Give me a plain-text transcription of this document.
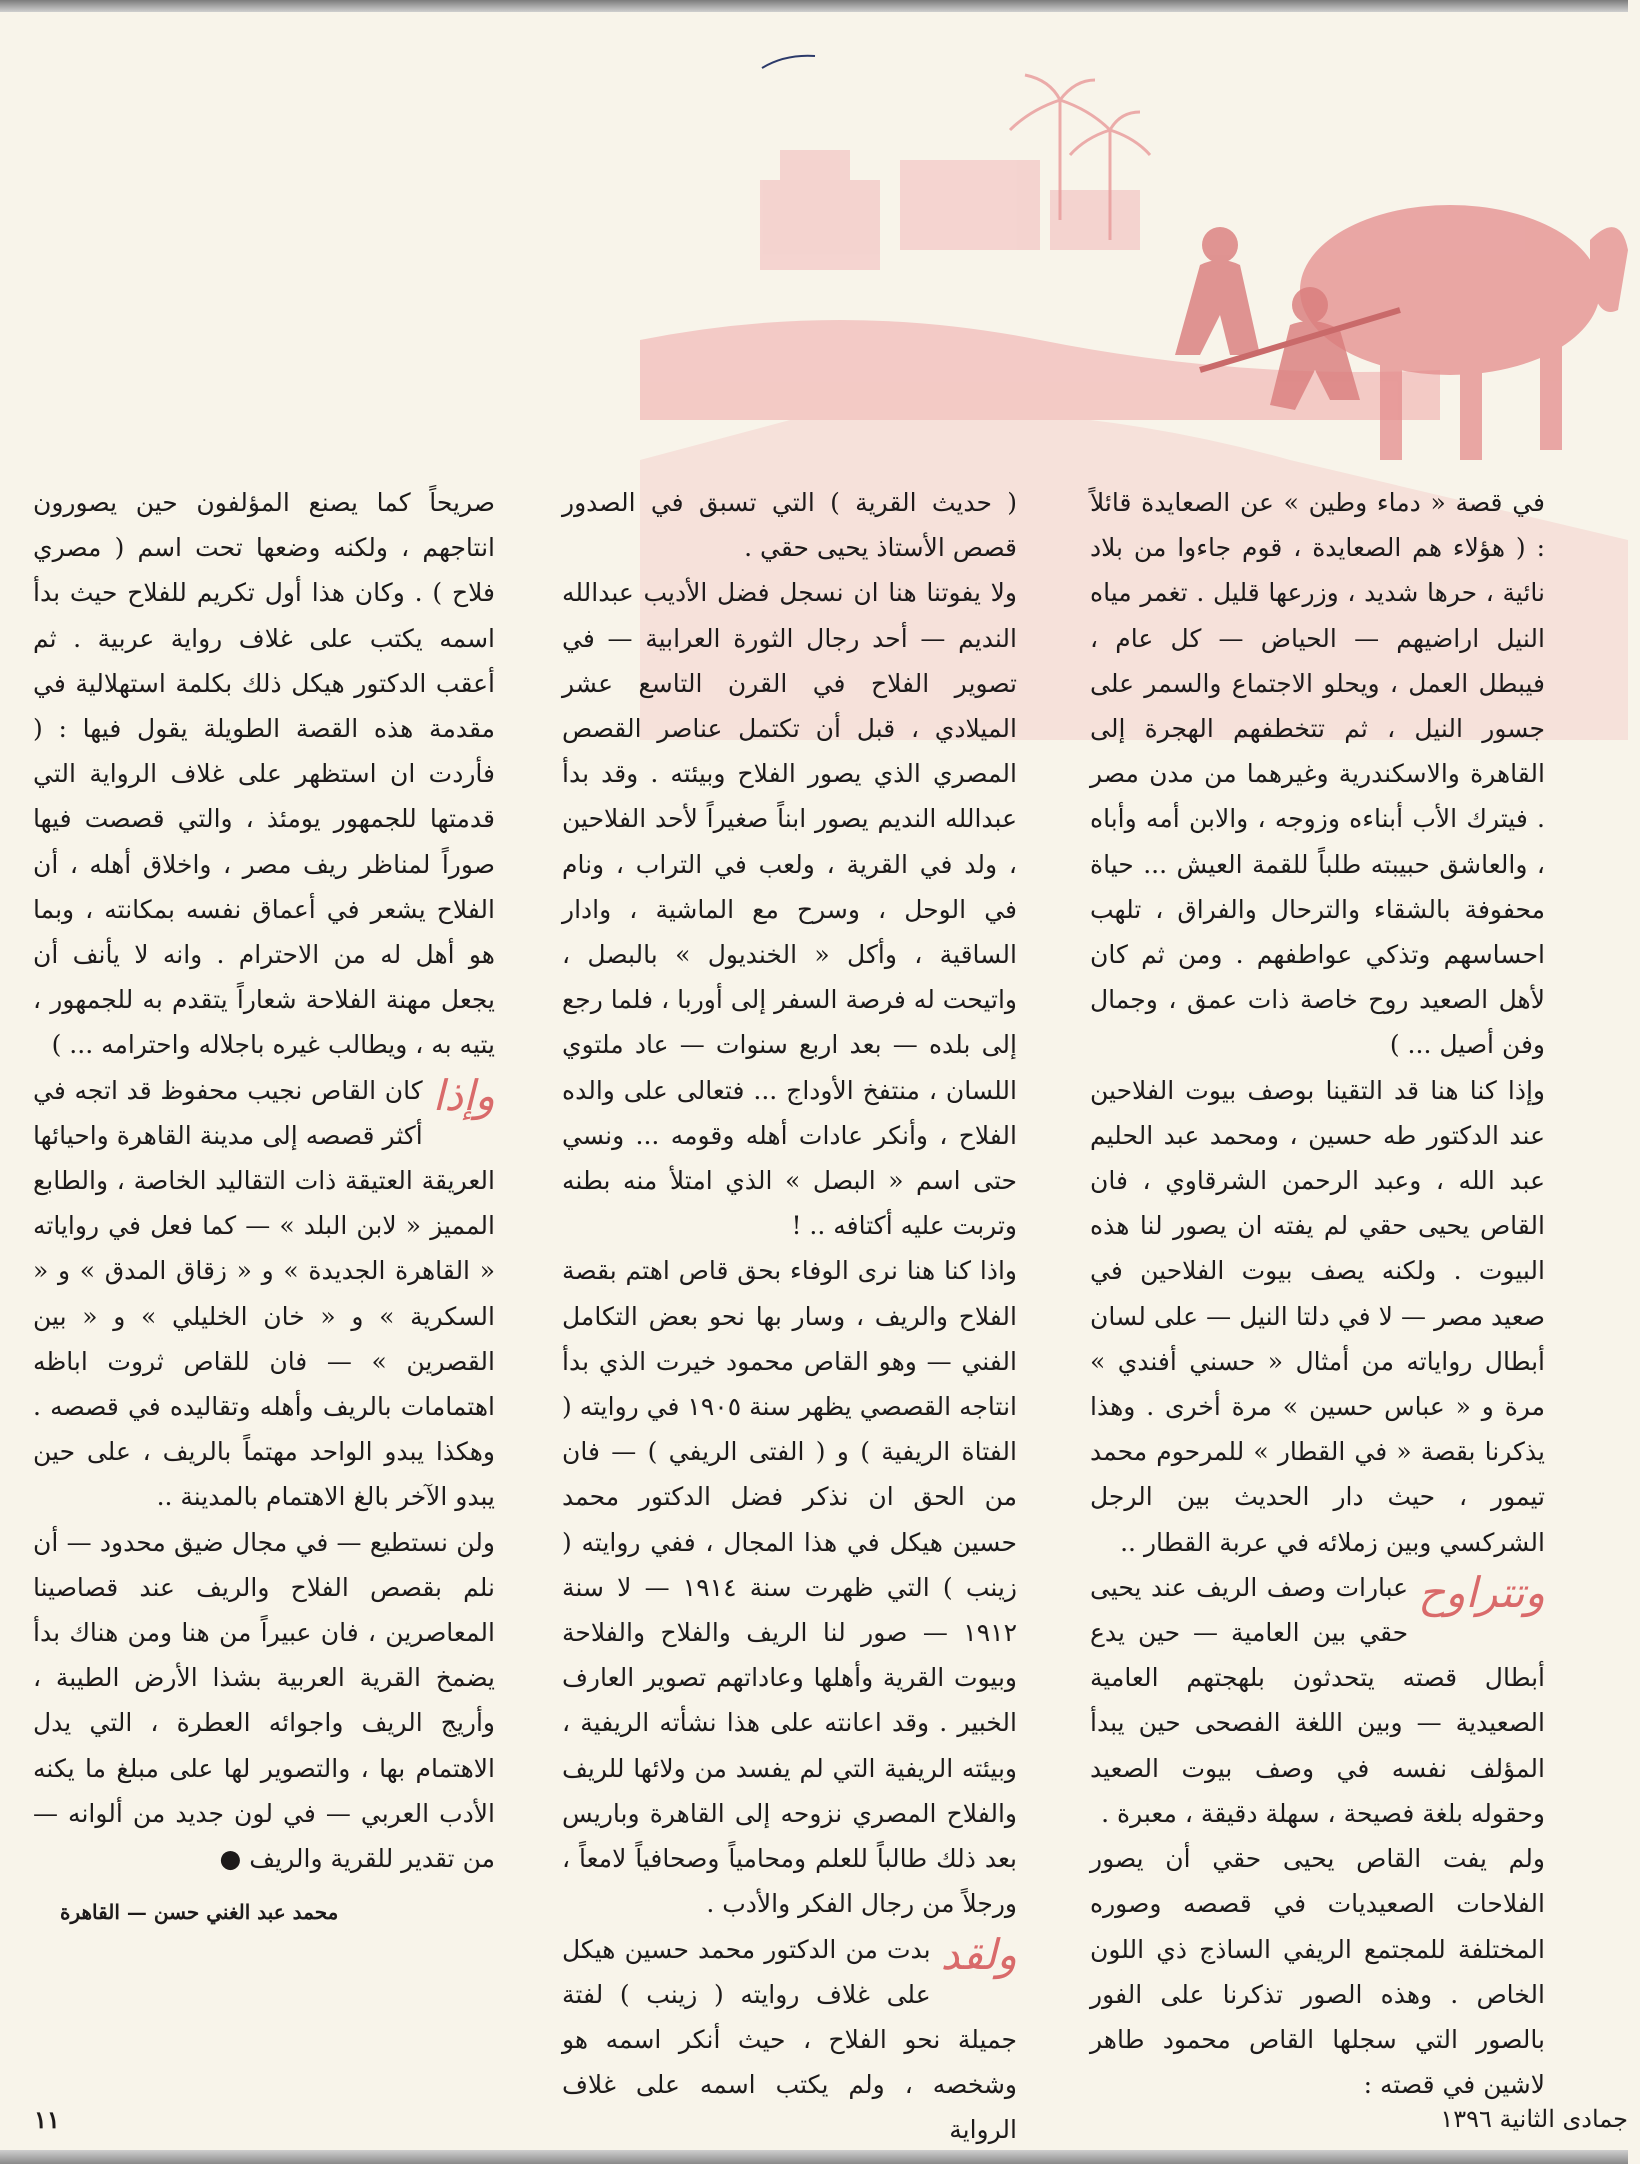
في قصة « دماء وطين » عن الصعايدة قائلاً : ( هؤلاء هم الصعايدة ، قوم جاءوا من بلاد نائية ، حرها شديد ، وزرعها قليل . تغمر مياه النيل اراضيهم — الحياض — كل عام ، فيبطل العمل ، ويحلو الاجتماع والسمر على جسور النيل ، ثم تتخطفهم الهجرة إلى القاهرة والاسكندرية وغيرهما من مدن مصر . فيترك الأب أبناءه وزوجه ، والابن أمه وأباه ، والعاشق حبيبته طلباً للقمة العيش ... حياة محفوفة بالشقاء والترحال والفراق ، تلهب احساسهم وتذكي عواطفهم . ومن ثم كان لأهل الصعيد روح خاصة ذات عمق ، وجمال وفن أصيل ... )

وإذا كنا هنا قد التقينا بوصف بيوت الفلاحين عند الدكتور طه حسين ، ومحمد عبد الحليم عبد الله ، وعبد الرحمن الشرقاوي ، فان القاص يحيى حقي لم يفته ان يصور لنا هذه البيوت . ولكنه يصف بيوت الفلاحين في صعيد مصر — لا في دلتا النيل — على لسان أبطال رواياته من أمثال « حسني أفندي » مرة و « عباس حسين » مرة أخرى . وهذا يذكرنا بقصة « في القطار » للمرحوم محمد تيمور ، حيث دار الحديث بين الرجل الشركسي وبين زملائه في عربة القطار ..

وتتراوح
عبارات وصف الريف عند يحيى حقي بين العامية — حين يدع أبطال قصته يتحدثون بلهجتهم العامية الصعيدية — وبين اللغة الفصحى حين يبدأ المؤلف نفسه في وصف بيوت الصعيد وحقوله بلغة فصيحة ، سهلة دقيقة ، معبرة .

ولم يفت القاص يحيى حقي أن يصور الفلاحات الصعيديات في قصصه وصوره المختلفة للمجتمع الريفي الساذج ذي اللون الخاص . وهذه الصور تذكرنا على الفور بالصور التي سجلها القاص محمود طاهر لاشين في قصته :

( حديث القرية ) التي تسبق في الصدور قصص الأستاذ يحيى حقي .

ولا يفوتنا هنا ان نسجل فضل الأديب عبدالله النديم — أحد رجال الثورة العرابية — في تصوير الفلاح في القرن التاسع عشر الميلادي ، قبل أن تكتمل عناصر القصص المصري الذي يصور الفلاح وبيئته . وقد بدأ عبدالله النديم يصور ابناً صغيراً لأحد الفلاحين ، ولد في القرية ، ولعب في التراب ، ونام في الوحل ، وسرح مع الماشية ، وادار الساقية ، وأكل « الخنديول » بالبصل ، واتيحت له فرصة السفر إلى أوربا ، فلما رجع إلى بلده — بعد اربع سنوات — عاد ملتوي اللسان ، منتفخ الأوداج ... فتعالى على والده الفلاح ، وأنكر عادات أهله وقومه ... ونسي حتى اسم « البصل » الذي امتلأ منه بطنه وتربت عليه أكتافه .. !

واذا كنا هنا نرى الوفاء بحق قاص اهتم بقصة الفلاح والريف ، وسار بها نحو بعض التكامل الفني — وهو القاص محمود خيرت الذي بدأ انتاجه القصصي يظهر سنة ١٩٠٥ في روايته ( الفتاة الريفية ) و ( الفتى الريفي ) — فان من الحق ان نذكر فضل الدكتور محمد حسين هيكل في هذا المجال ، ففي روايته ( زينب ) التي ظهرت سنة ١٩١٤ — لا سنة ١٩١٢ — صور لنا الريف والفلاح والفلاحة وبيوت القرية وأهلها وعاداتهم تصوير العارف الخبير . وقد اعانته على هذا نشأته الريفية ، وبيئته الريفية التي لم يفسد من ولائها للريف والفلاح المصري نزوحه إلى القاهرة وباريس بعد ذلك طالباً للعلم ومحامياً وصحافياً لامعاً ، ورجلاً من رجال الفكر والأدب .

ولقد
بدت من الدكتور محمد حسين هيكل على غلاف روايته ( زينب ) لفتة جميلة نحو الفلاح ، حيث أنكر اسمه هو وشخصه ، ولم يكتب اسمه على غلاف الرواية

صريحاً كما يصنع المؤلفون حين يصورون انتاجهم ، ولكنه وضعها تحت اسم ( مصري فلاح ) . وكان هذا أول تكريم للفلاح حيث بدأ اسمه يكتب على غلاف رواية عربية . ثم أعقب الدكتور هيكل ذلك بكلمة استهلالية في مقدمة هذه القصة الطويلة يقول فيها : ( فأردت ان استظهر على غلاف الرواية التي قدمتها للجمهور يومئذ ، والتي قصصت فيها صوراً لمناظر ريف مصر ، واخلاق أهله ، أن الفلاح يشعر في أعماق نفسه بمكانته ، وبما هو أهل له من الاحترام . وانه لا يأنف أن يجعل مهنة الفلاحة شعاراً يتقدم به للجمهور ، يتيه به ، ويطالب غيره باجلاله واحترامه ... )

وإذا
كان القاص نجيب محفوظ قد اتجه في أكثر قصصه إلى مدينة القاهرة واحيائها العريقة العتيقة ذات التقاليد الخاصة ، والطابع المميز « لابن البلد » — كما فعل في رواياته « القاهرة الجديدة » و « زقاق المدق » و « السكرية » و « خان الخليلي » و « بين القصرين » — فان للقاص ثروت اباظه اهتمامات بالريف وأهله وتقاليده في قصصه . وهكذا يبدو الواحد مهتماً بالريف ، على حين يبدو الآخر بالغ الاهتمام بالمدينة ..

ولن نستطيع — في مجال ضيق محدود — أن نلم بقصص الفلاح والريف عند قصاصينا المعاصرين ، فان عبيراً من هنا ومن هناك بدأ يضمخ القرية العربية بشذا الأرض الطيبة ، وأريج الريف واجوائه العطرة ، التي يدل الاهتمام بها ، والتصوير لها على مبلغ ما يكنه الأدب العربي — في لون جديد من ألوانه — من تقدير للقرية والريف ●

محمد عبد الغني حسن — القاهرة
١١	جمادى الثانية ١٣٩٦
